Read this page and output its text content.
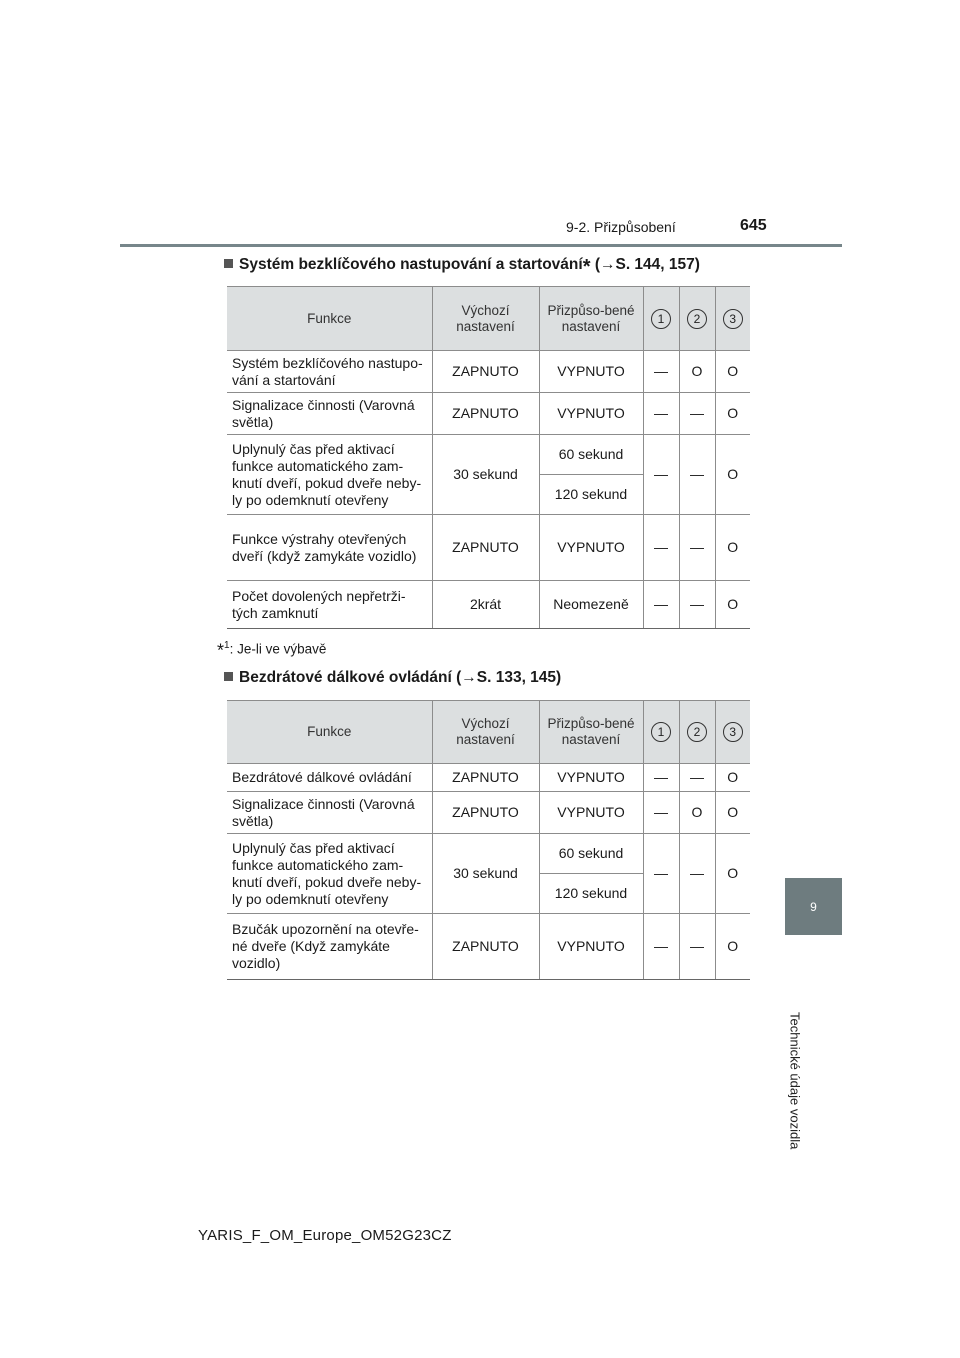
9-2. Přizpůsobení	645
9
Technické údaje vozidla
Systém bezklíčového nastupování a startování* (→S. 144, 157)
Funkce	Výchozí nastavení	Přizpůso-bené nastavení	1	2	3
Systém bezklíčového nastupo-vání a startování	ZAPNUTO	VYPNUTO	—	O	O
Signalizace činnosti (Varovná světla)	ZAPNUTO	VYPNUTO	—	—	O
Uplynulý čas před aktivací funkce automatického zam-knutí dveří, pokud dveře neby-ly po odemknutí otevřeny	30 sekund	60 sekund	—	—	O
		120 sekund			
Funkce výstrahy otevřených dveří (když zamykáte vozidlo)	ZAPNUTO	VYPNUTO	—	—	O
Počet dovolených nepřetrži-tých zamknutí	2krát	Neomezeně	—	—	O
*$^1$: Je-li ve výbavě
Bezdrátové dálkové ovládání (→S. 133, 145)
Funkce	Výchozí nastavení	Přizpůso-bené nastavení	1	2	3
Bezdrátové dálkové ovládání	ZAPNUTO	VYPNUTO	—	—	O
Signalizace činnosti (Varovná světla)	ZAPNUTO	VYPNUTO	—	O	O
Uplynulý čas před aktivací funkce automatického zam-knutí dveří, pokud dveře neby-ly po odemknutí otevřeny	30 sekund	60 sekund	—	—	O
		120 sekund			
Bzučák upozornění na otevře-né dveře (Když zamykáte vozidlo)	ZAPNUTO	VYPNUTO	—	—	O
YARIS_F_OM_Europe_OM52G23CZ
